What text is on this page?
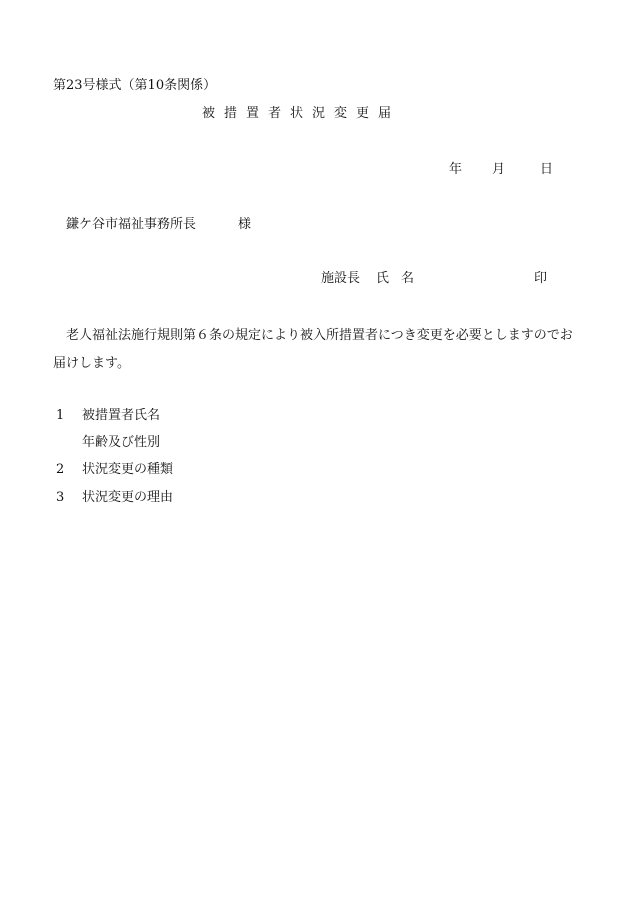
第23号様式（第10条関係）
被措置者状況変更届
年 月	日
鎌ケ谷市福祉事務所長	様
施設長 氏 名	印
老人福祉法施行規則第６条の規定により被入所措置者につき変更を必要としますのでお届けします。
1 被措置者氏名
年齢及び性別
2 状況変更の種類
3 状況変更の理由
